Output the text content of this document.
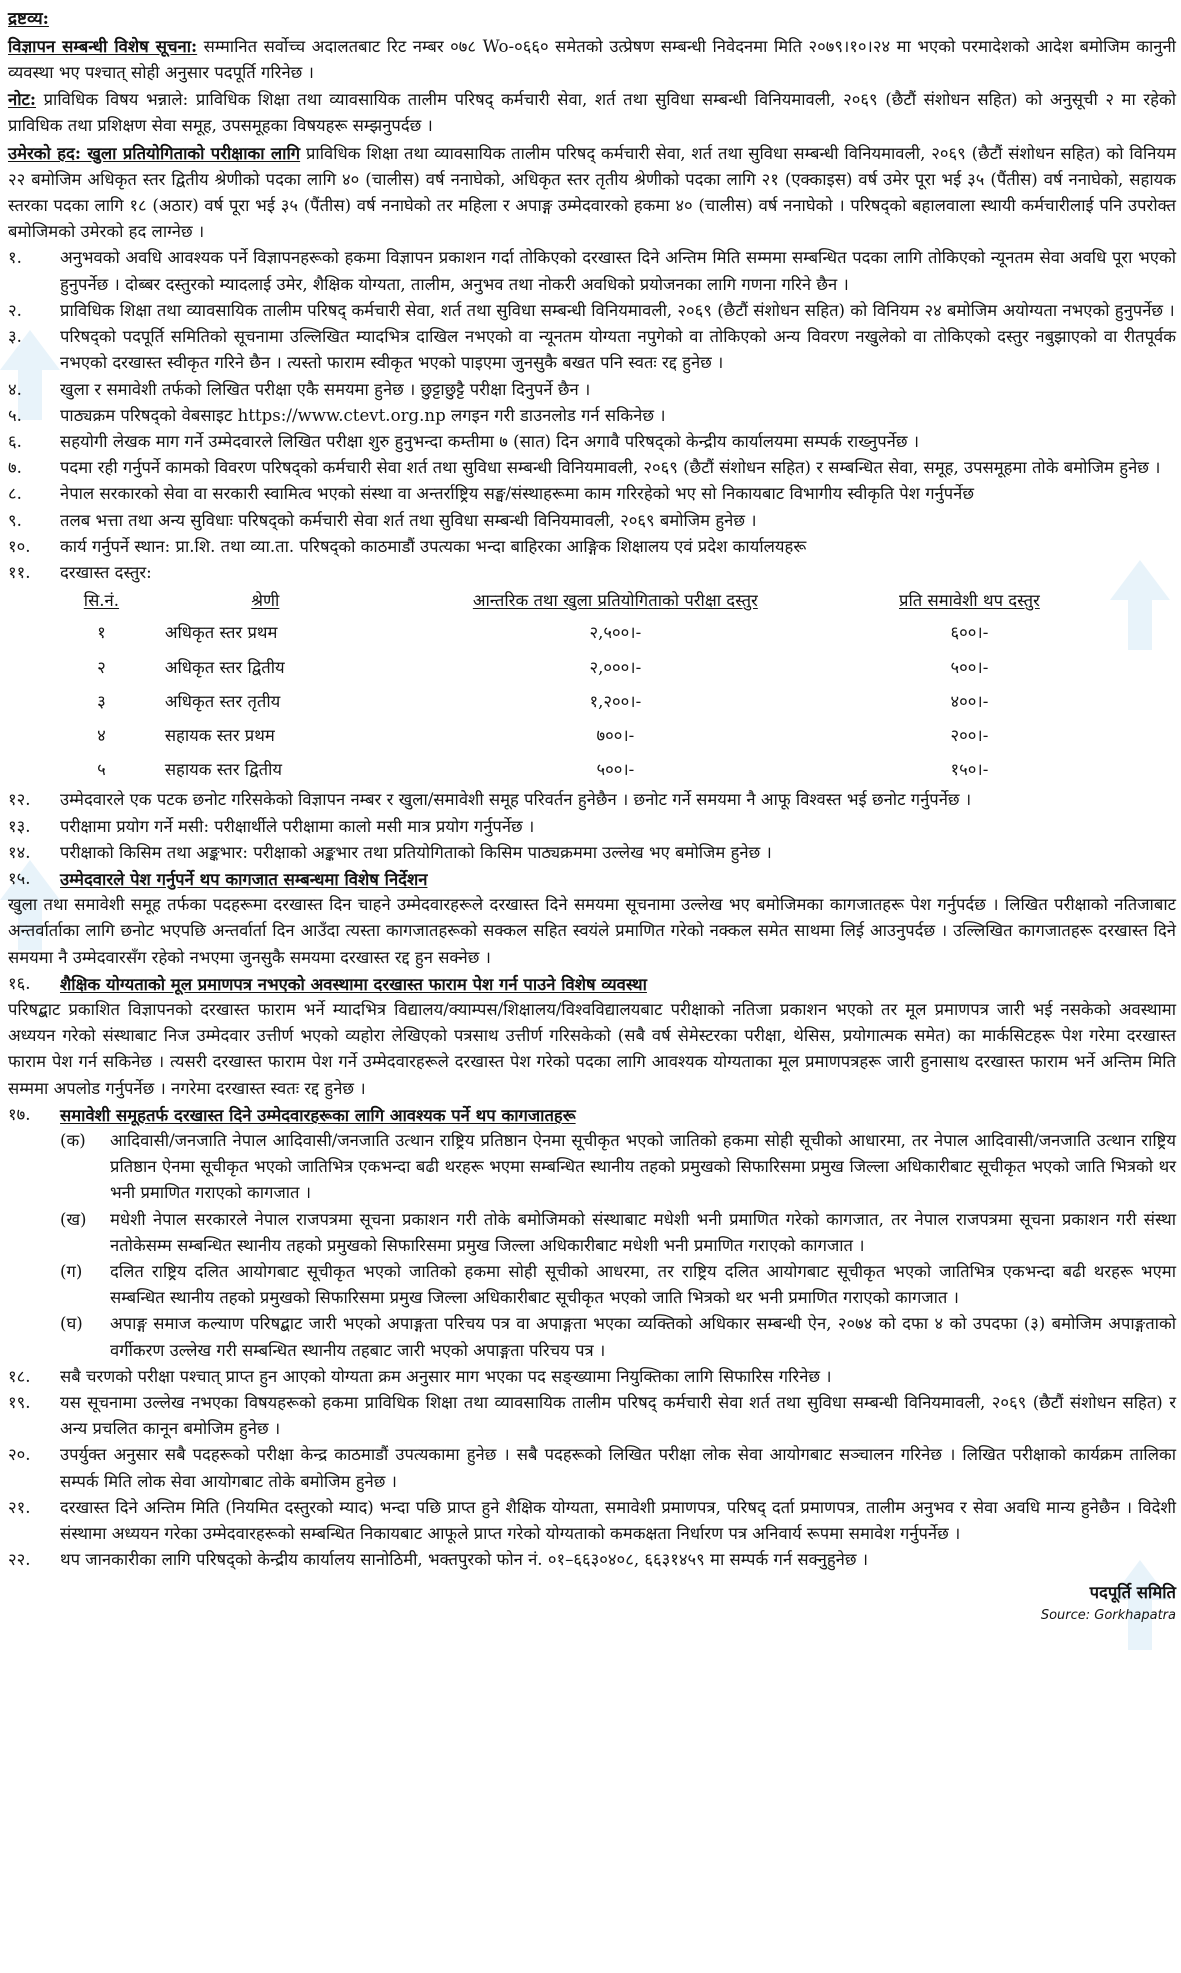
द्रष्टव्य:

विज्ञापन सम्बन्धी विशेष सूचना: सम्मानित सर्वोच्च अदालतबाट रिट नम्बर ०७८ Wo-०६६० समेतको उत्प्रेषण सम्बन्धी निवेदनमा मिति २०७९।१०।२४ मा भएको परमादेशको आदेश बमोजिम कानुनी व्यवस्था भए पश्चात् सोही अनुसार पदपूर्ति गरिनेछ ।

नोट: प्राविधिक विषय भन्नाले: प्राविधिक शिक्षा तथा व्यावसायिक तालीम परिषद् कर्मचारी सेवा, शर्त तथा सुविधा सम्बन्धी विनियमावली, २०६९ (छैटौं संशोधन सहित) को अनुसूची २ मा रहेको प्राविधिक तथा प्रशिक्षण सेवा समूह, उपसमूहका विषयहरू सम्झनुपर्दछ ।

उमेरको हद: खुला प्रतियोगिताको परीक्षाका लागि प्राविधिक शिक्षा तथा व्यावसायिक तालीम परिषद् कर्मचारी सेवा, शर्त तथा सुविधा सम्बन्धी विनियमावली, २०६९ (छैटौं संशोधन सहित) को विनियम २२ बमोजिम अधिकृत स्तर द्वितीय श्रेणीको पदका लागि ४० (चालीस) वर्ष ननाघेको, अधिकृत स्तर तृतीय श्रेणीको पदका लागि २१ (एक्काइस) वर्ष उमेर पूरा भई ३५ (पैंतीस) वर्ष ननाघेको, सहायक स्तरका पदका लागि १८ (अठार) वर्ष पूरा भई ३५ (पैंतीस) वर्ष ननाघेको तर महिला र अपाङ्ग उम्मेदवारको हकमा ४० (चालीस) वर्ष ननाघेको । परिषद्को बहालवाला स्थायी कर्मचारीलाई पनि उपरोक्त बमोजिमको उमेरको हद लाग्नेछ ।

१.	अनुभवको अवधि आवश्यक पर्ने विज्ञापनहरूको हकमा विज्ञापन प्रकाशन गर्दा तोकिएको दरखास्त दिने अन्तिम मिति सम्ममा सम्बन्धित पदका लागि तोकिएको न्यूनतम सेवा अवधि पूरा भएको हुनुपर्नेछ । दोब्बर दस्तुरको म्यादलाई उमेर, शैक्षिक योग्यता, तालीम, अनुभव तथा नोकरी अवधिको प्रयोजनका लागि गणना गरिने छैन ।
२.	प्राविधिक शिक्षा तथा व्यावसायिक तालीम परिषद् कर्मचारी सेवा, शर्त तथा सुविधा सम्बन्धी विनियमावली, २०६९ (छैटौं संशोधन सहित) को विनियम २४ बमोजिम अयोग्यता नभएको हुनुपर्नेछ ।
३.	परिषद्को पदपूर्ति समितिको सूचनामा उल्लिखित म्यादभित्र दाखिल नभएको वा न्यूनतम योग्यता नपुगेको वा तोकिएको अन्य विवरण नखुलेको वा तोकिएको दस्तुर नबुझाएको वा रीतपूर्वक नभएको दरखास्त स्वीकृत गरिने छैन । त्यस्तो फाराम स्वीकृत भएको पाइएमा जुनसुकै बखत पनि स्वतः रद्द हुनेछ ।
४.	खुला र समावेशी तर्फको लिखित परीक्षा एकै समयमा हुनेछ । छुट्टाछुट्टै परीक्षा दिनुपर्ने छैन ।
५.	पाठ्यक्रम परिषद्को वेबसाइट https://www.ctevt.org.np लगइन गरी डाउनलोड गर्न सकिनेछ ।
६.	सहयोगी लेखक माग गर्ने उम्मेदवारले लिखित परीक्षा शुरु हुनुभन्दा कम्तीमा ७ (सात) दिन अगावै परिषद्को केन्द्रीय कार्यालयमा सम्पर्क राख्नुपर्नेछ ।
७.	पदमा रही गर्नुपर्ने कामको विवरण परिषद्को कर्मचारी सेवा शर्त तथा सुविधा सम्बन्धी विनियमावली, २०६९ (छैटौं संशोधन सहित) र सम्बन्धित सेवा, समूह, उपसमूहमा तोके बमोजिम हुनेछ ।
८.	नेपाल सरकारको सेवा वा सरकारी स्वामित्व भएको संस्था वा अन्तर्राष्ट्रिय सङ्घ/संस्थाहरूमा काम गरिरहेको भए सो निकायबाट विभागीय स्वीकृति पेश गर्नुपर्नेछ
९.	तलब भत्ता तथा अन्य सुविधाः परिषद्को कर्मचारी सेवा शर्त तथा सुविधा सम्बन्धी विनियमावली, २०६९ बमोजिम हुनेछ ।
१०.	कार्य गर्नुपर्ने स्थान: प्रा.शि. तथा व्या.ता. परिषद्को काठमाडौं उपत्यका भन्दा बाहिरका आङ्गिक शिक्षालय एवं प्रदेश कार्यालयहरू
११.	दरखास्त दस्तुर:
सि.नं.	श्रेणी	आन्तरिक तथा खुला प्रतियोगिताको परीक्षा दस्तुर	प्रति समावेशी थप दस्तुर
१	अधिकृत स्तर प्रथम	२,५००।-	६००।-
२	अधिकृत स्तर द्वितीय	२,०००।-	५००।-
३	अधिकृत स्तर तृतीय	१,२००।-	४००।-
४	सहायक स्तर प्रथम	७००।-	२००।-
५	सहायक स्तर द्वितीय	५००।-	१५०।-
१२.	उम्मेदवारले एक पटक छनोट गरिसकेको विज्ञापन नम्बर र खुला/समावेशी समूह परिवर्तन हुनेछैन । छनोट गर्ने समयमा नै आफू विश्वस्त भई छनोट गर्नुपर्नेछ ।
१३.	परीक्षामा प्रयोग गर्ने मसी: परीक्षार्थीले परीक्षामा कालो मसी मात्र प्रयोग गर्नुपर्नेछ ।
१४.	परीक्षाको किसिम तथा अङ्कभार: परीक्षाको अङ्कभार तथा प्रतियोगिताको किसिम पाठ्यक्रममा उल्लेख भए बमोजिम हुनेछ ।
१५.	उम्मेदवारले पेश गर्नुपर्ने थप कागजात सम्बन्धमा विशेष निर्देशन

खुला तथा समावेशी समूह तर्फका पदहरूमा दरखास्त दिन चाहने उम्मेदवारहरूले दरखास्त दिने समयमा सूचनामा उल्लेख भए बमोजिमका कागजातहरू पेश गर्नुपर्दछ । लिखित परीक्षाको नतिजाबाट अन्तर्वार्ताका लागि छनोट भएपछि अन्तर्वार्ता दिन आउँदा त्यस्ता कागजातहरूको सक्कल सहित स्वयंले प्रमाणित गरेको नक्कल समेत साथमा लिई आउनुपर्दछ । उल्लिखित कागजातहरू दरखास्त दिने समयमा नै उम्मेदवारसँग रहेको नभएमा जुनसुकै समयमा दरखास्त रद्द हुन सक्नेछ ।

१६.	शैक्षिक योग्यताको मूल प्रमाणपत्र नभएको अवस्थामा दरखास्त फाराम पेश गर्न पाउने विशेष व्यवस्था

परिषद्बाट प्रकाशित विज्ञापनको दरखास्त फाराम भर्ने म्यादभित्र विद्यालय/क्याम्पस/शिक्षालय/विश्वविद्यालयबाट परीक्षाको नतिजा प्रकाशन भएको तर मूल प्रमाणपत्र जारी भई नसकेको अवस्थामा अध्ययन गरेको संस्थाबाट निज उम्मेदवार उत्तीर्ण भएको व्यहोरा लेखिएको पत्रसाथ उत्तीर्ण गरिसकेको (सबै वर्ष सेमेस्टरका परीक्षा, थेसिस, प्रयोगात्मक समेत) का मार्कसिटहरू पेश गरेमा दरखास्त फाराम पेश गर्न सकिनेछ । त्यसरी दरखास्त फाराम पेश गर्ने उम्मेदवारहरूले दरखास्त पेश गरेको पदका लागि आवश्यक योग्यताका मूल प्रमाणपत्रहरू जारी हुनासाथ दरखास्त फाराम भर्ने अन्तिम मिति सम्ममा अपलोड गर्नुपर्नेछ । नगरेमा दरखास्त स्वतः रद्द हुनेछ ।

१७.	समावेशी समूहतर्फ दरखास्त दिने उम्मेदवारहरूका लागि आवश्यक पर्ने थप कागजातहरू
(क)	आदिवासी/जनजाति नेपाल आदिवासी/जनजाति उत्थान राष्ट्रिय प्रतिष्ठान ऐनमा सूचीकृत भएको जातिको हकमा सोही सूचीको आधारमा, तर नेपाल आदिवासी/जनजाति उत्थान राष्ट्रिय प्रतिष्ठान ऐनमा सूचीकृत भएको जातिभित्र एकभन्दा बढी थरहरू भएमा सम्बन्धित स्थानीय तहको प्रमुखको सिफारिसमा प्रमुख जिल्ला अधिकारीबाट सूचीकृत भएको जाति भित्रको थर भनी प्रमाणित गराएको कागजात ।
(ख)	मधेशी नेपाल सरकारले नेपाल राजपत्रमा सूचना प्रकाशन गरी तोके बमोजिमको संस्थाबाट मधेशी भनी प्रमाणित गरेको कागजात, तर नेपाल राजपत्रमा सूचना प्रकाशन गरी संस्था नतोकेसम्म सम्बन्धित स्थानीय तहको प्रमुखको सिफारिसमा प्रमुख जिल्ला अधिकारीबाट मधेशी भनी प्रमाणित गराएको कागजात ।
(ग)	दलित राष्ट्रिय दलित आयोगबाट सूचीकृत भएको जातिको हकमा सोही सूचीको आधरमा, तर राष्ट्रिय दलित आयोगबाट सूचीकृत भएको जातिभित्र एकभन्दा बढी थरहरू भएमा सम्बन्धित स्थानीय तहको प्रमुखको सिफारिसमा प्रमुख जिल्ला अधिकारीबाट सूचीकृत भएको जाति भित्रको थर भनी प्रमाणित गराएको कागजात ।
(घ)	अपाङ्ग समाज कल्याण परिषद्बाट जारी भएको अपाङ्गता परिचय पत्र वा अपाङ्गता भएका व्यक्तिको अधिकार सम्बन्धी ऐन, २०७४ को दफा ४ को उपदफा (३) बमोजिम अपाङ्गताको वर्गीकरण उल्लेख गरी सम्बन्धित स्थानीय तहबाट जारी भएको अपाङ्गता परिचय पत्र ।
१८.	सबै चरणको परीक्षा पश्चात् प्राप्त हुन आएको योग्यता क्रम अनुसार माग भएका पद सङ्ख्यामा नियुक्तिका लागि सिफारिस गरिनेछ ।
१९.	यस सूचनामा उल्लेख नभएका विषयहरूको हकमा प्राविधिक शिक्षा तथा व्यावसायिक तालीम परिषद् कर्मचारी सेवा शर्त तथा सुविधा सम्बन्धी विनियमावली, २०६९ (छैटौं संशोधन सहित) र अन्य प्रचलित कानून बमोजिम हुनेछ ।
२०.	उपर्युक्त अनुसार सबै पदहरूको परीक्षा केन्द्र काठमाडौं उपत्यकामा हुनेछ । सबै पदहरूको लिखित परीक्षा लोक सेवा आयोगबाट सञ्चालन गरिनेछ । लिखित परीक्षाको कार्यक्रम तालिका सम्पर्क मिति लोक सेवा आयोगबाट तोके बमोजिम हुनेछ ।
२१.	दरखास्त दिने अन्तिम मिति (नियमित दस्तुरको म्याद) भन्दा पछि प्राप्त हुने शैक्षिक योग्यता, समावेशी प्रमाणपत्र, परिषद् दर्ता प्रमाणपत्र, तालीम अनुभव र सेवा अवधि मान्य हुनेछैन । विदेशी संस्थामा अध्ययन गरेका उम्मेदवारहरूको सम्बन्धित निकायबाट आफूले प्राप्त गरेको योग्यताको कमकक्षता निर्धारण पत्र अनिवार्य रूपमा समावेश गर्नुपर्नेछ ।
२२.	थप जानकारीका लागि परिषद्को केन्द्रीय कार्यालय सानोठिमी, भक्तपुरको फोन नं. ०१–६६३०४०८, ६६३१४५९ मा सम्पर्क गर्न सक्नुहुनेछ ।

पदपूर्ति समिति

Source: Gorkhapatra
